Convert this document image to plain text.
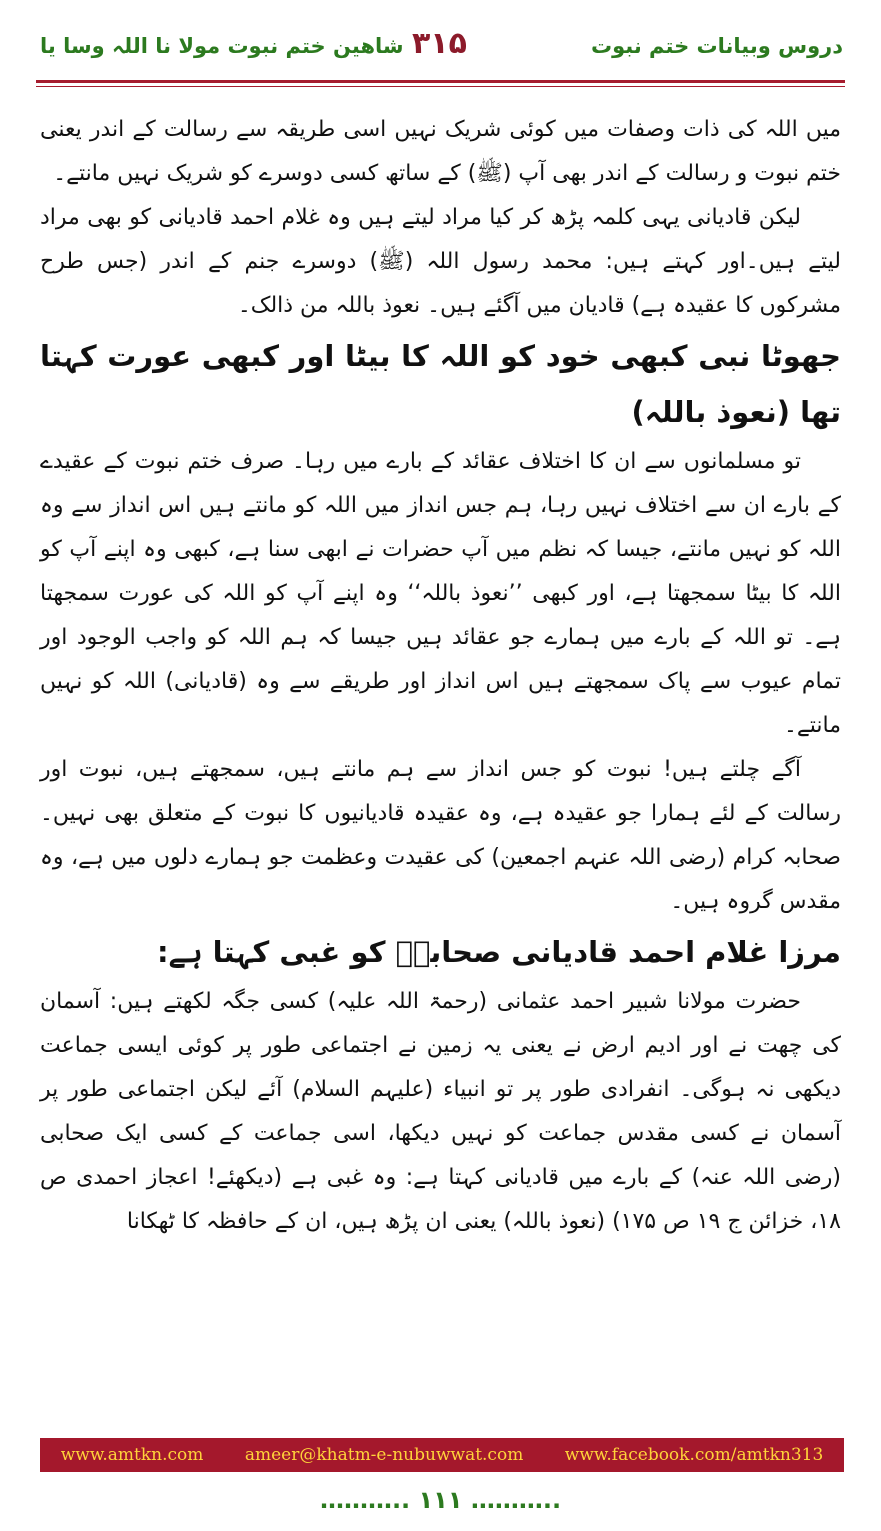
دروس وبیانات ختم نبوت
۳۱۵
شاھین ختم نبوت مولا نا اللہ وسا یا

میں اللہ کی ذات وصفات میں کوئی شریک نہیں اسی طریقہ سے رسالت کے اندر یعنی ختم نبوت و رسالت کے اندر بھی آپ (ﷺ) کے ساتھ کسی دوسرے کو شریک نہیں مانتے۔

لیکن قادیانی یہی کلمہ پڑھ کر کیا مراد لیتے ہیں وہ غلام احمد قادیانی کو بھی مراد لیتے ہیں۔اور کہتے ہیں: محمد رسول اللہ (ﷺ) دوسرے جنم کے اندر (جس طرح مشرکوں کا عقیدہ ہے) قادیان میں آگئے ہیں۔ نعوذ باللہ من ذالک۔

جھوٹا نبی کبھی خود کو اللہ کا بیٹا اور کبھی عورت کہتا تھا (نعوذ باللہ)

تو مسلمانوں سے ان کا اختلاف عقائد کے بارے میں رہا۔ صرف ختم نبوت کے عقیدے کے بارے ان سے اختلاف نہیں رہا، ہم جس انداز میں اللہ کو مانتے ہیں اس انداز سے وہ اللہ کو نہیں مانتے، جیسا کہ نظم میں آپ حضرات نے ابھی سنا ہے، کبھی وہ اپنے آپ کو اللہ کا بیٹا سمجھتا ہے، اور کبھی ’’نعوذ باللہ‘‘ وہ اپنے آپ کو اللہ کی عورت سمجھتا ہے۔ تو اللہ کے بارے میں ہمارے جو عقائد ہیں جیسا کہ ہم اللہ کو واجب الوجود اور تمام عیوب سے پاک سمجھتے ہیں اس انداز اور طریقے سے وہ (قادیانی) اللہ کو نہیں مانتے۔

آگے چلتے ہیں! نبوت کو جس انداز سے ہم مانتے ہیں، سمجھتے ہیں، نبوت اور رسالت کے لئے ہمارا جو عقیدہ ہے، وہ عقیدہ قادیانیوں کا نبوت کے متعلق بھی نہیں۔ صحابہ کرام (رضی اللہ عنہم اجمعین) کی عقیدت وعظمت جو ہمارے دلوں میں ہے، وہ مقدس گروہ ہیں۔

مرزا غلام احمد قادیانی صحابہؓ کو غبی کہتا ہے:

حضرت مولانا شبیر احمد عثمانی (رحمۃ اللہ علیہ) کسی جگہ لکھتے ہیں: آسمان کی چھت نے اور ادیم ارض نے یعنی یہ زمین نے اجتماعی طور پر کوئی ایسی جماعت دیکھی نہ ہوگی۔ انفرادی طور پر تو انبیاء (علیہم السلام) آئے لیکن اجتماعی طور پر آسمان نے کسی مقدس جماعت کو نہیں دیکھا، اسی جماعت کے کسی ایک صحابی (رضی اللہ عنہ) کے بارے میں قادیانی کہتا ہے: وہ غبی ہے (دیکھئے! اعجاز احمدی ص ۱۸، خزائن ج ۱۹ ص ۱۷۵) (نعوذ باللہ) یعنی ان پڑھ ہیں، ان کے حافظہ کا ٹھکانا

www.amtkn.com ameer@khatm-e-nubuwwat.com www.facebook.com/amtkn313
……….. ۱۱۱ ………..
